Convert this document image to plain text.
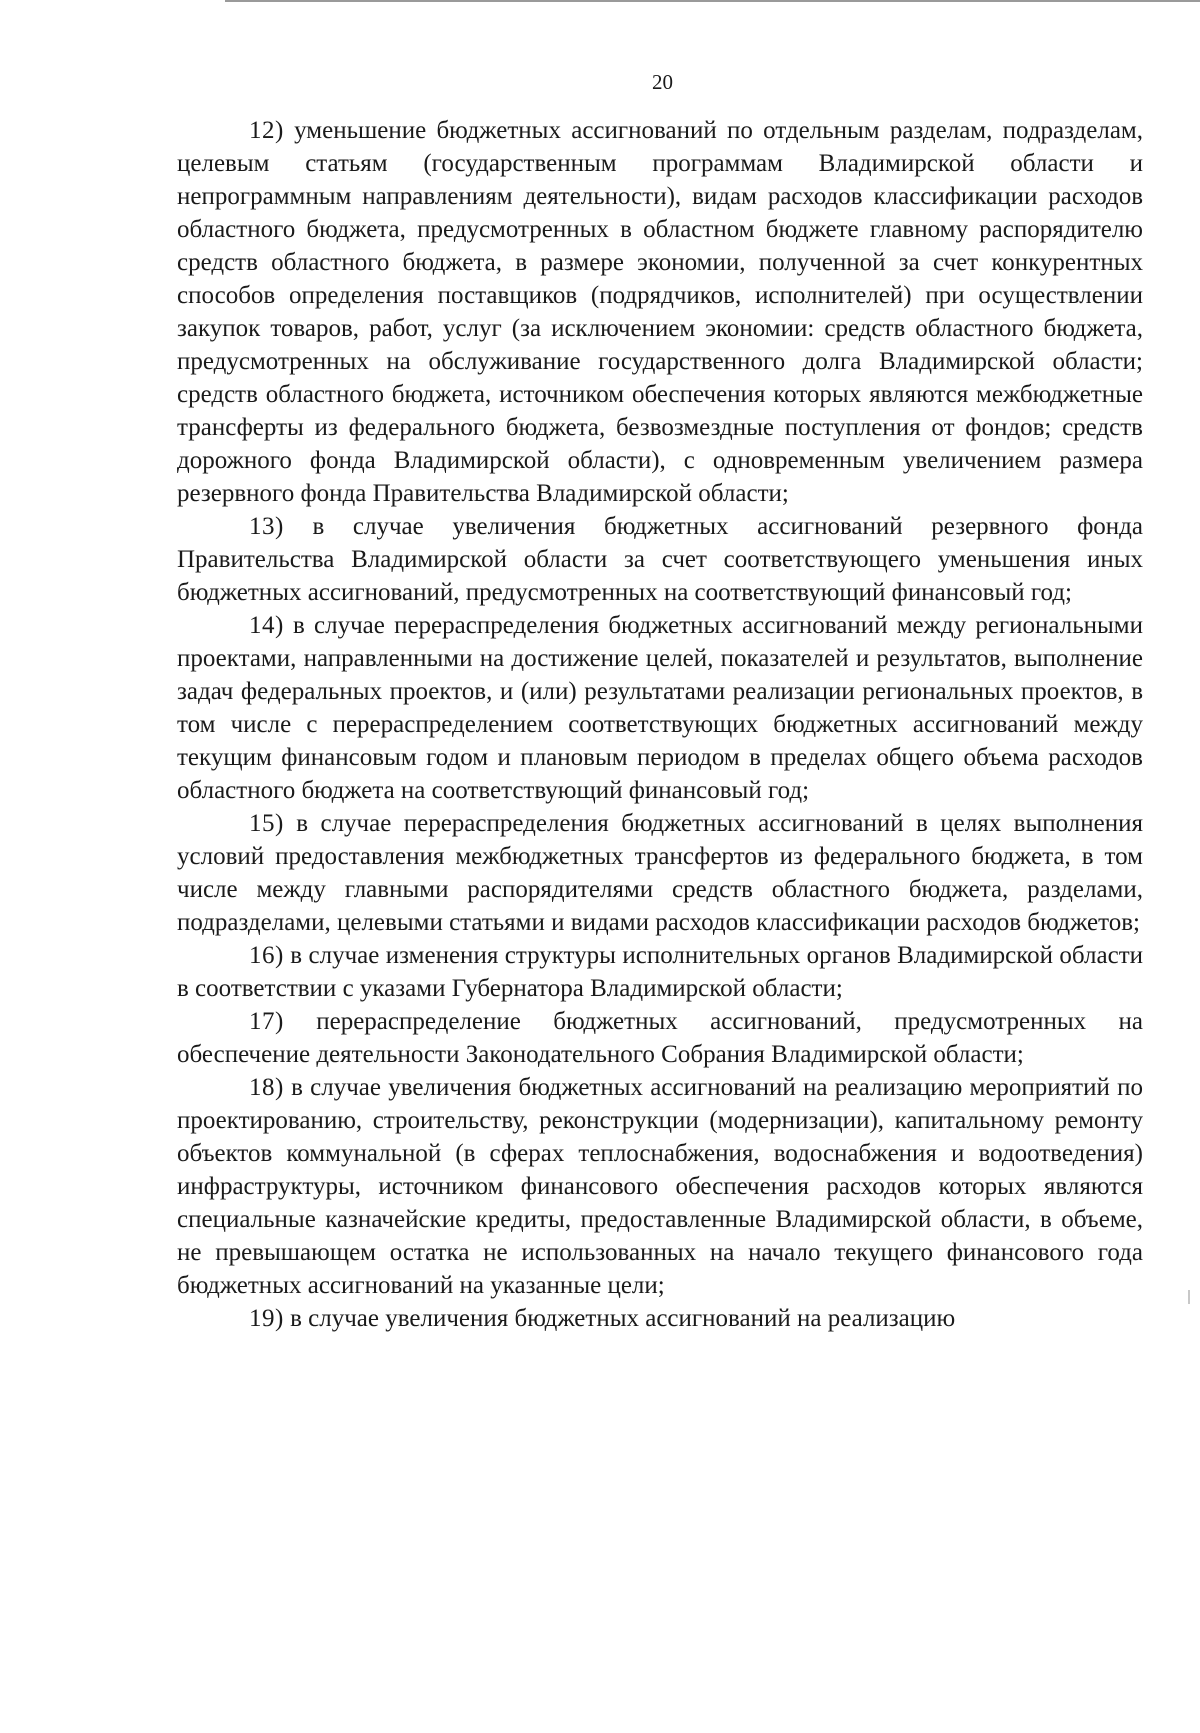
20

12) уменьшение бюджетных ассигнований по отдельным разделам, подразделам, целевым статьям (государственным программам Владимирской области и непрограммным направлениям деятельности), видам расходов классификации расходов областного бюджета, предусмотренных в областном бюджете главному распорядителю средств областного бюджета, в размере экономии, полученной за счет конкурентных способов определения поставщиков (подрядчиков, исполнителей) при осуществлении закупок товаров, работ, услуг (за исключением экономии: средств областного бюджета, предусмотренных на обслуживание государственного долга Владимирской области; средств областного бюджета, источником обеспечения которых являются межбюджетные трансферты из федерального бюджета, безвозмездные поступления от фондов; средств дорожного фонда Владимирской области), с одновременным увеличением размера резервного фонда Правительства Владимирской области;

13) в случае увеличения бюджетных ассигнований резервного фонда Правительства Владимирской области за счет соответствующего уменьшения иных бюджетных ассигнований, предусмотренных на соответствующий финансовый год;

14) в случае перераспределения бюджетных ассигнований между региональными проектами, направленными на достижение целей, показателей и результатов, выполнение задач федеральных проектов, и (или) результатами реализации региональных проектов, в том числе с перераспределением соответствующих бюджетных ассигнований между текущим финансовым годом и плановым периодом в пределах общего объема расходов областного бюджета на соответствующий финансовый год;

15) в случае перераспределения бюджетных ассигнований в целях выполнения условий предоставления межбюджетных трансфертов из федерального бюджета, в том числе между главными распорядителями средств областного бюджета, разделами, подразделами, целевыми статьями и видами расходов классификации расходов бюджетов;

16) в случае изменения структуры исполнительных органов Владимирской области в соответствии с указами Губернатора Владимирской области;

17) перераспределение бюджетных ассигнований, предусмотренных на обеспечение деятельности Законодательного Собрания Владимирской области;

18) в случае увеличения бюджетных ассигнований на реализацию мероприятий по проектированию, строительству, реконструкции (модернизации), капитальному ремонту объектов коммунальной (в сферах теплоснабжения, водоснабжения и водоотведения) инфраструктуры, источником финансового обеспечения расходов которых являются специальные казначейские кредиты, предоставленные Владимирской области, в объеме, не превышающем остатка не использованных на начало текущего финансового года бюджетных ассигнований на указанные цели;

19) в случае увеличения бюджетных ассигнований на реализацию
